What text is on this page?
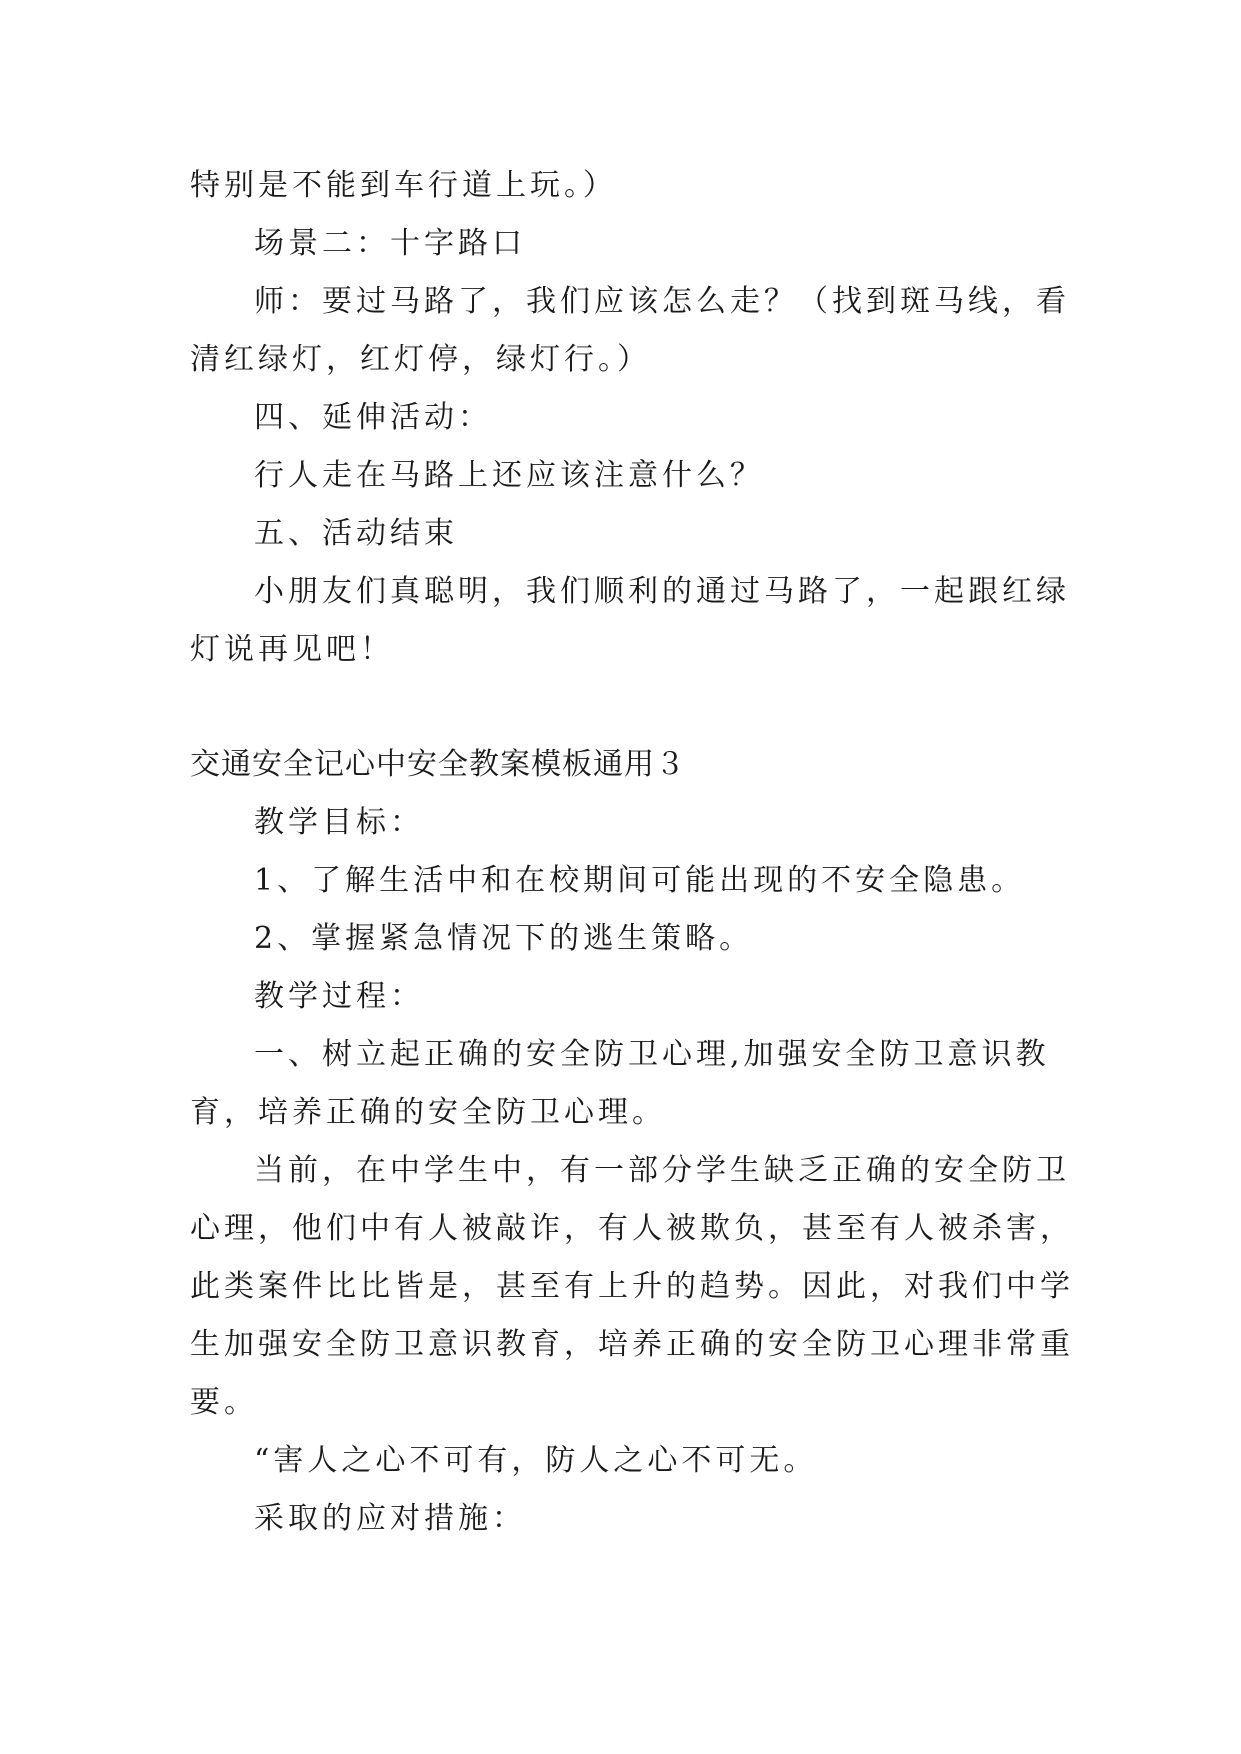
特别是不能到车行道上玩。）
场景二：十字路口
师：要过马路了，我们应该怎么走？（找到斑马线，看
清红绿灯，红灯停，绿灯行。）
四、延伸活动：
行人走在马路上还应该注意什么？
五、活动结束
小朋友们真聪明，我们顺利的通过马路了，一起跟红绿
灯说再见吧！
交通安全记心中安全教案模板通用３
教学目标：
1、了解生活中和在校期间可能出现的不安全隐患。
2、掌握紧急情况下的逃生策略。
教学过程：
一、树立起正确的安全防卫心理,加强安全防卫意识教
育，培养正确的安全防卫心理。
当前，在中学生中，有一部分学生缺乏正确的安全防卫
心理，他们中有人被敲诈，有人被欺负，甚至有人被杀害，
此类案件比比皆是，甚至有上升的趋势。因此，对我们中学
生加强安全防卫意识教育，培养正确的安全防卫心理非常重
要。
“害人之心不可有，防人之心不可无。
采取的应对措施：
